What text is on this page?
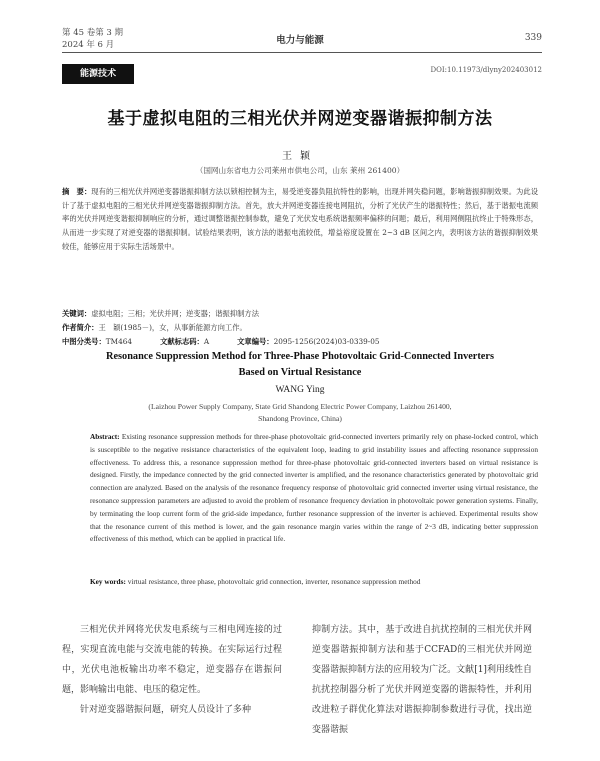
第 45 卷第 3 期
2024 年 6 月	电力与能源	339
能源技术	DOI:10.11973/dlyny202403012
基于虚拟电阻的三相光伏并网逆变器谐振抑制方法
王颖
（国网山东省电力公司莱州市供电公司，山东 莱州 261400）
摘　要：现有的三相光伏并网逆变器谐振抑制方法以锁相控制为主，易受逆变器负阻抗特性的影响，出现并网失稳问题，影响谐振抑制效果。为此设计了基于虚拟电阻的三相光伏并网逆变器谐振抑制方法。首先，放大并网逆变器连接电网阻抗，分析了光伏产生的谐振特性；然后，基于谐振电流频率的光伏并网逆变谐振抑制响应的分析，通过调整谐振控制参数，避免了光伏发电系统谐振频率偏移的问题；最后，利用网侧阻抗终止于特殊形态，从而进一步实现了对逆变器的谐振抑制。试验结果表明，该方法的谐振电流较低，增益裕度设置在 2~3 dB 区间之内，表明该方法的谐振抑制效果较佳，能够应用于实际生活场景中。
关键词：虚拟电阻；三相；光伏并网；逆变器；谐振抑制方法
作者简介：王　颖(1985－)，女，从事新能源方向工作。
中图分类号：TM464	文献标志码：A	文章编号：2095-1256(2024)03-0339-05
Resonance Suppression Method for Three-Phase Photovoltaic Grid-Connected Inverters
Based on Virtual Resistance
WANG Ying
(Laizhou Power Supply Company, State Grid Shandong Electric Power Company, Laizhou 261400,
Shandong Province, China)
Abstract: Existing resonance suppression methods for three-phase photovoltaic grid-connected inverters primarily rely on phase-locked control, which is susceptible to the negative resistance characteristics of the equivalent loop, leading to grid instability issues and affecting resonance suppression effectiveness. To address this, a resonance suppression method for three-phase photovoltaic grid-connected inverters based on virtual resistance is designed. Firstly, the impedance connected by the grid connected inverter is amplified, and the resonance characteristics generated by photovoltaic grid connection are analyzed. Based on the analysis of the resonance frequency response of photovoltaic grid connected inverter using virtual resistance, the resonance suppression parameters are adjusted to avoid the problem of resonance frequency deviation in photovoltaic power generation systems. Finally, by terminating the loop current form of the grid-side impedance, further resonance suppression of the inverter is achieved. Experimental results show that the resonance current of this method is lower, and the gain resonance margin varies within the range of 2~3 dB, indicating better suppression effectiveness of this method, which can be applied in practical life.
Key words: virtual resistance, three phase, photovoltaic grid connection, inverter, resonance suppression method

三相光伏并网将光伏发电系统与三相电网连接的过程，实现直流电能与交流电能的转换。在实际运行过程中，光伏电池板输出功率不稳定，逆变器存在谐振问题，影响输出电能、电压的稳定性。

针对逆变器谐振问题，研究人员设计了多种

抑制方法。其中，基于改进自抗扰控制的三相光伏并网逆变器谐振抑制方法和基于CCFAD的三相光伏并网逆变器谐振抑制方法的应用较为广泛。文献[1]利用线性自抗扰控制器分析了光伏并网逆变器的谐振特性，并利用改进粒子群优化算法对谐振抑制参数进行寻优，找出逆变器谐振
